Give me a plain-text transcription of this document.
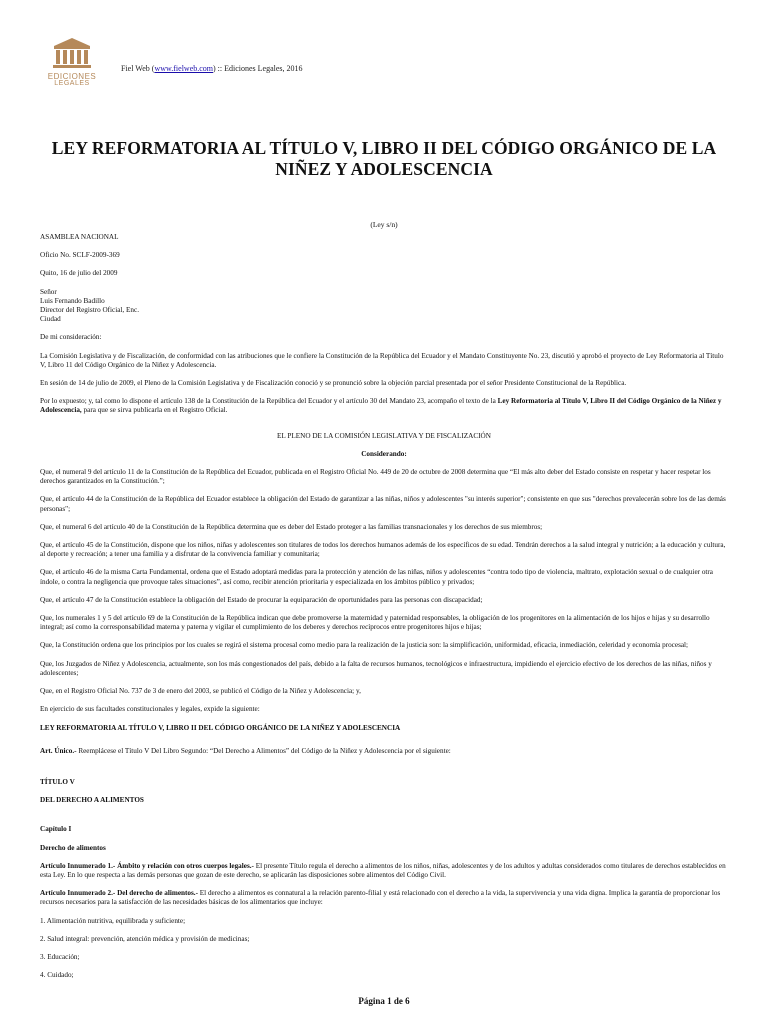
EDICIONES
LEGALES
Fiel Web (www.fielweb.com) :: Ediciones Legales, 2016
LEY REFORMATORIA AL TÍTULO V, LIBRO II DEL CÓDIGO ORGÁNICO DE LA NIÑEZ Y ADOLESCENCIA
(Ley s/n)

ASAMBLEA NACIONAL

Oficio No. SCLF-2009-369

Quito, 16 de julio del 2009

Señor
Luis Fernando Badillo
Director del Registro Oficial, Enc.
Ciudad

De mi consideración:

La Comisión Legislativa y de Fiscalización, de conformidad con las atribuciones que le confiere la Constitución de la República del Ecuador y el Mandato Constituyente No. 23, discutió y aprobó el proyecto de Ley Reformatoria al Título V, Libro 11 del Código Orgánico de la Niñez y Adolescencia.

En sesión de 14 de julio de 2009, el Pleno de la Comisión Legislativa y de Fiscalización conoció y se pronunció sobre la objeción parcial presentada por el señor Presidente Constitucional de la República.

Por lo expuesto; y, tal como lo dispone el artículo 138 de la Constitución de la República del Ecuador y el artículo 30 del Mandato 23, acompaño el texto de la Ley Reformatoria al Título V, Libro II del Código Orgánico de la Niñez y Adolescencia, para que se sirva publicarla en el Registro Oficial.

EL PLENO DE LA COMISIÓN LEGISLATIVA Y DE FISCALIZACIÓN

Considerando:

Que, el numeral 9 del artículo 11 de la Constitución de la República del Ecuador, publicada en el Registro Oficial No. 449 de 20 de octubre de 2008 determina que “El más alto deber del Estado consiste en respetar y hacer respetar los derechos garantizados en la Constitución.”;

Que, el artículo 44 de la Constitución de la República del Ecuador establece la obligación del Estado de garantizar a las niñas, niños y adolescentes "su interés superior"; consistente en que sus "derechos prevalecerán sobre los de las demás personas";

Que, el numeral 6 del artículo 40 de la Constitución de la República determina que es deber del Estado proteger a las familias transnacionales y los derechos de sus miembros;

Que, el artículo 45 de la Constitución, dispone que los niños, niñas y adolescentes son titulares de todos los derechos humanos además de los específicos de su edad. Tendrán derechos a la salud integral y nutrición; a la educación y cultura, al deporte y recreación; a tener una familia y a disfrutar de la convivencia familiar y comunitaria;

Que, el artículo 46 de la misma Carta Fundamental, ordena que el Estado adoptará medidas para la protección y atención de las niñas, niños y adolescentes “contra todo tipo de violencia, maltrato, explotación sexual o de cualquier otra índole, o contra la negligencia que provoque tales situaciones”, así como, recibir atención prioritaria y especializada en los ámbitos público y privados;

Que, el artículo 47 de la Constitución establece la obligación del Estado de procurar la equiparación de oportunidades para las personas con discapacidad;

Que, los numerales 1 y 5 del artículo 69 de la Constitución de la República indican que debe promoverse la maternidad y paternidad responsables, la obligación de los progenitores en la alimentación de los hijos e hijas y su desarrollo integral; así como la corresponsabilidad materna y paterna y vigilar el cumplimiento de los deberes y derechos recíprocos entre progenitores hijos e hijas;

Que, la Constitución ordena que los principios por los cuales se regirá el sistema procesal como medio para la realización de la justicia son: la simplificación, uniformidad, eficacia, inmediación, celeridad y economía procesal;

Que, los Juzgados de Niñez y Adolescencia, actualmente, son los más congestionados del país, debido a la falta de recursos humanos, tecnológicos e infraestructura, impidiendo el ejercicio efectivo de los derechos de las niñas, niños y adolescentes;

Que, en el Registro Oficial No. 737 de 3 de enero del 2003, se publicó el Código de la Niñez y Adolescencia; y,

En ejercicio de sus facultades constitucionales y legales, expide la siguiente:

LEY REFORMATORIA AL TÍTULO V, LIBRO II DEL CÓDIGO ORGÁNICO DE LA NIÑEZ Y ADOLESCENCIA

Art. Único.- Reemplácese el Título V Del Libro Segundo: “Del Derecho a Alimentos” del Código de la Niñez y Adolescencia por el siguiente:

TÍTULO V

DEL DERECHO A ALIMENTOS

Capítulo I

Derecho de alimentos

Artículo Innumerado 1.- Ámbito y relación con otros cuerpos legales.- El presente Título regula el derecho a alimentos de los niños, niñas, adolescentes y de los adultos y adultas considerados como titulares de derechos establecidos en esta Ley. En lo que respecta a las demás personas que gozan de este derecho, se aplicarán las disposiciones sobre alimentos del Código Civil.

Artículo Innumerado 2.- Del derecho de alimentos.- El derecho a alimentos es connatural a la relación parento-filial y está relacionado con el derecho a la vida, la supervivencia y una vida digna. Implica la garantía de proporcionar los recursos necesarios para la satisfacción de las necesidades básicas de los alimentarios que incluye:

1. Alimentación nutritiva, equilibrada y suficiente;

2. Salud integral: prevención, atención médica y provisión de medicinas;

3. Educación;

4. Cuidado;

Página 1 de 6
